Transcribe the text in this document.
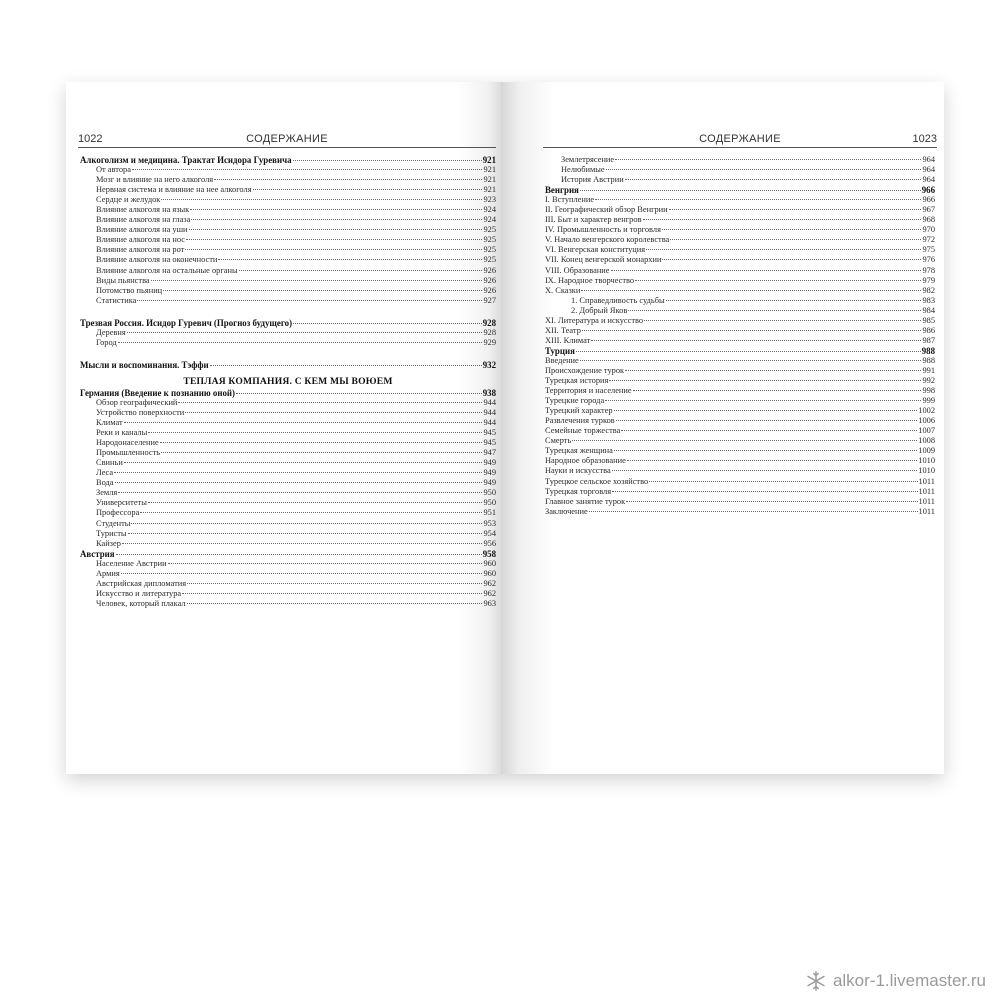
1022	СОДЕРЖАНИЕ
Алкоголизм и медицина. Трактат Исидора Гуревича	921
От автора	921
Мозг и влияние на него алкоголя	921
Нервная система и влияние на нее алкоголя	921
Сердце и желудок	923
Влияние алкоголя на язык	924
Влияние алкоголя на глаза	924
Влияние алкоголя на уши	925
Влияние алкоголя на нос	925
Влияние алкоголя на рот	925
Влияние алкоголя на оконечности	925
Влияние алкоголя на остальные органы	926
Виды пьянства	926
Потомство пьяниц	926
Статистика	927
Трезвая Россия. Исидор Гуревич (Прогноз будущего)	928
Деревня	928
Город	929
Мысли и воспоминания. Тэффи	932
ТЕПЛАЯ КОМПАНИЯ. С КЕМ МЫ ВОЮЕМ
Германия (Введение к познанию оной)	938
Обзор географический	944
Устройство поверхности	944
Климат	944
Реки и каналы	945
Народонаселение	945
Промышленность	947
Свиньи	949
Леса	949
Вода	949
Земля	950
Университеты	950
Профессора	951
Студенты	953
Туристы	954
Кайзер	956
Австрия	958
Население Австрии	960
Армия	960
Австрийская дипломатия	962
Искусство и литература	962
Человек, который плакал	963
СОДЕРЖАНИЕ	1023
Землетрясение	964
Нелюбимые	964
История Австрии	964
Венгрия	966
I. Вступление	966
II. Географический обзор Венгрии	967
III. Быт и характер венгров	968
IV. Промышленность и торговля	970
V. Начало венгерского королевства	972
VI. Венгерская конституция	975
VII. Конец венгерской монархии	976
VIII. Образование	978
IX. Народное творчество	979
X. Сказки	982
1. Справедливость судьбы	983
2. Добрый Яков	984
XI. Литература и искусство	985
XII. Театр	986
XIII. Климат	987
Турция	988
Введение	988
Происхождение турок	991
Турецкая история	992
Территория и население	998
Турецкие города	999
Турецкий характер	1002
Развлечения турков	1006
Семейные торжества	1007
Смерть	1008
Турецкая женщина	1009
Народное образование	1010
Науки и искусства	1010
Турецкое сельское хозяйство	1011
Турецкая торговля	1011
Главное занятие турок	1011
Заключение	1011
alkor-1.livemaster.ru
